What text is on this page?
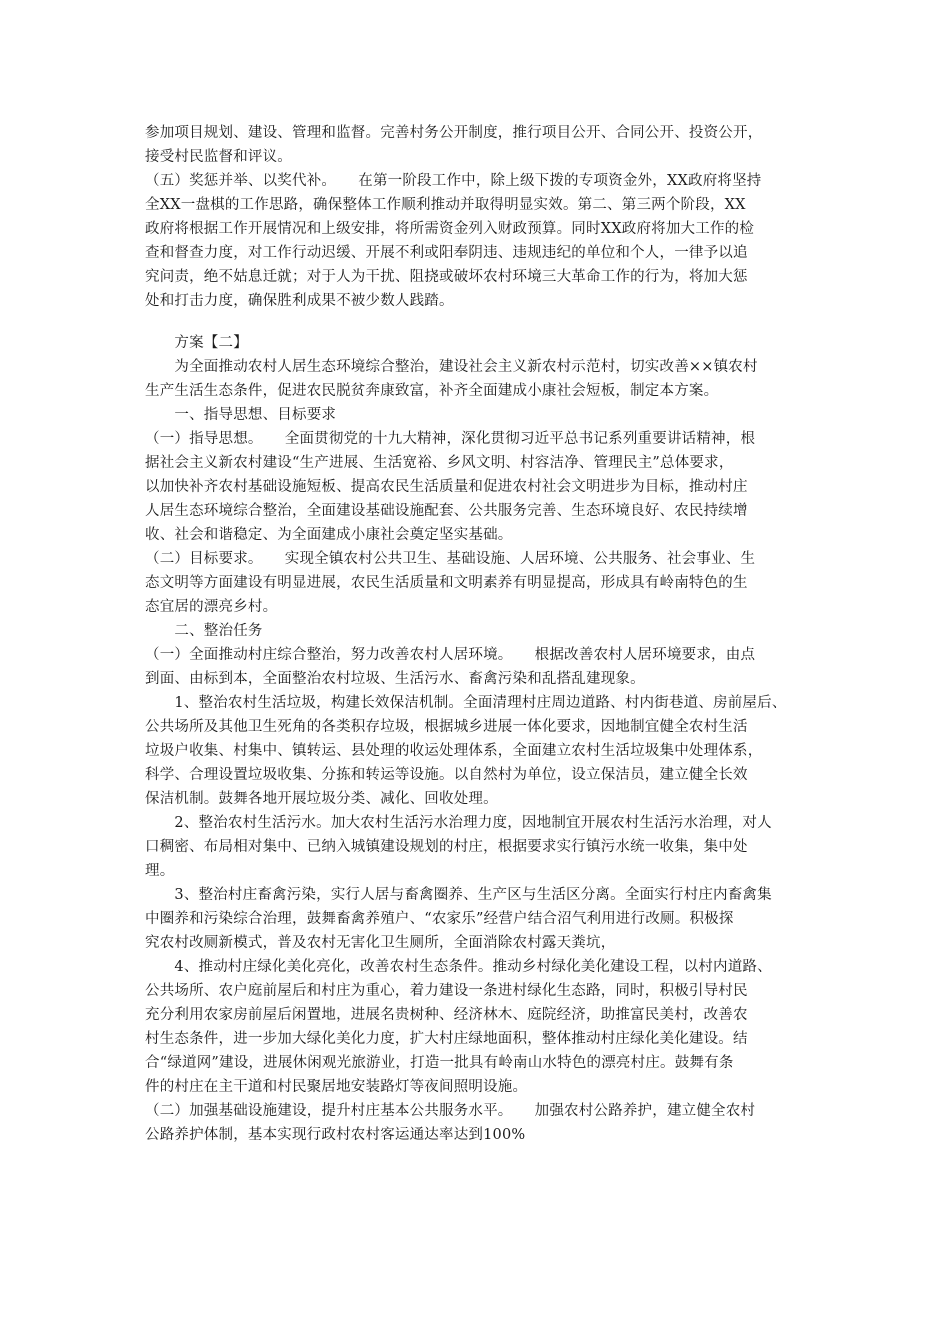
参加项目规划、建设、管理和监督。完善村务公开制度，推行项目公开、合同公开、投资公开，
接受村民监督和评议。
（五）奖惩并举、以奖代补。　　在第一阶段工作中，除上级下拨的专项资金外，XX政府将坚持
全XX一盘棋的工作思路，确保整体工作顺利推动并取得明显实效。第二、第三两个阶段，XX
政府将根据工作开展情况和上级安排，将所需资金列入财政预算。同时XX政府将加大工作的检
查和督查力度，对工作行动迟缓、开展不利或阳奉阴违、违规违纪的单位和个人，一律予以追
究问责，绝不姑息迁就；对于人为干扰、阻挠或破坏农村环境三大革命工作的行为，将加大惩
处和打击力度，确保胜利成果不被少数人践踏。
　　方案【二】
　　为全面推动农村人居生态环境综合整治，建设社会主义新农村示范村，切实改善××镇农村
生产生活生态条件，促进农民脱贫奔康致富，补齐全面建成小康社会短板，制定本方案。
　　一、指导思想、目标要求
（一）指导思想。　　全面贯彻党的十九大精神，深化贯彻习近平总书记系列重要讲话精神，根
据社会主义新农村建设“生产进展、生活宽裕、乡风文明、村容洁净、管理民主”总体要求，
以加快补齐农村基础设施短板、提高农民生活质量和促进农村社会文明进步为目标，推动村庄
人居生态环境综合整治，全面建设基础设施配套、公共服务完善、生态环境良好、农民持续增
收、社会和谐稳定、为全面建成小康社会奠定坚实基础。
（二）目标要求。　　实现全镇农村公共卫生、基础设施、人居环境、公共服务、社会事业、生
态文明等方面建设有明显进展，农民生活质量和文明素养有明显提高，形成具有岭南特色的生
态宜居的漂亮乡村。
　　二、整治任务
（一）全面推动村庄综合整治，努力改善农村人居环境。　　根据改善农村人居环境要求，由点
到面、由标到本，全面整治农村垃圾、生活污水、畜禽污染和乱搭乱建现象。
　　1、整治农村生活垃圾，构建长效保洁机制。全面清理村庄周边道路、村内街巷道、房前屋后、
公共场所及其他卫生死角的各类积存垃圾，根据城乡进展一体化要求，因地制宜健全农村生活
垃圾户收集、村集中、镇转运、县处理的收运处理体系，全面建立农村生活垃圾集中处理体系，
科学、合理设置垃圾收集、分拣和转运等设施。以自然村为单位，设立保洁员，建立健全长效
保洁机制。鼓舞各地开展垃圾分类、减化、回收处理。
　　2、整治农村生活污水。加大农村生活污水治理力度，因地制宜开展农村生活污水治理，对人
口稠密、布局相对集中、已纳入城镇建设规划的村庄，根据要求实行镇污水统一收集，集中处
理。
　　3、整治村庄畜禽污染，实行人居与畜禽圈养、生产区与生活区分离。全面实行村庄内畜禽集
中圈养和污染综合治理，鼓舞畜禽养殖户、“农家乐”经营户结合沼气利用进行改厕。积极探
究农村改厕新模式，普及农村无害化卫生厕所，全面消除农村露天粪坑，
　　4、推动村庄绿化美化亮化，改善农村生态条件。推动乡村绿化美化建设工程，以村内道路、
公共场所、农户庭前屋后和村庄为重心，着力建设一条进村绿化生态路，同时，积极引导村民
充分利用农家房前屋后闲置地，进展名贵树种、经济林木、庭院经济，助推富民美村，改善农
村生态条件，进一步加大绿化美化力度，扩大村庄绿地面积，整体推动村庄绿化美化建设。结
合“绿道网”建设，进展休闲观光旅游业，打造一批具有岭南山水特色的漂亮村庄。鼓舞有条
件的村庄在主干道和村民聚居地安装路灯等夜间照明设施。
（二）加强基础设施建设，提升村庄基本公共服务水平。　　加强农村公路养护，建立健全农村
公路养护体制，基本实现行政村农村客运通达率达到100%
